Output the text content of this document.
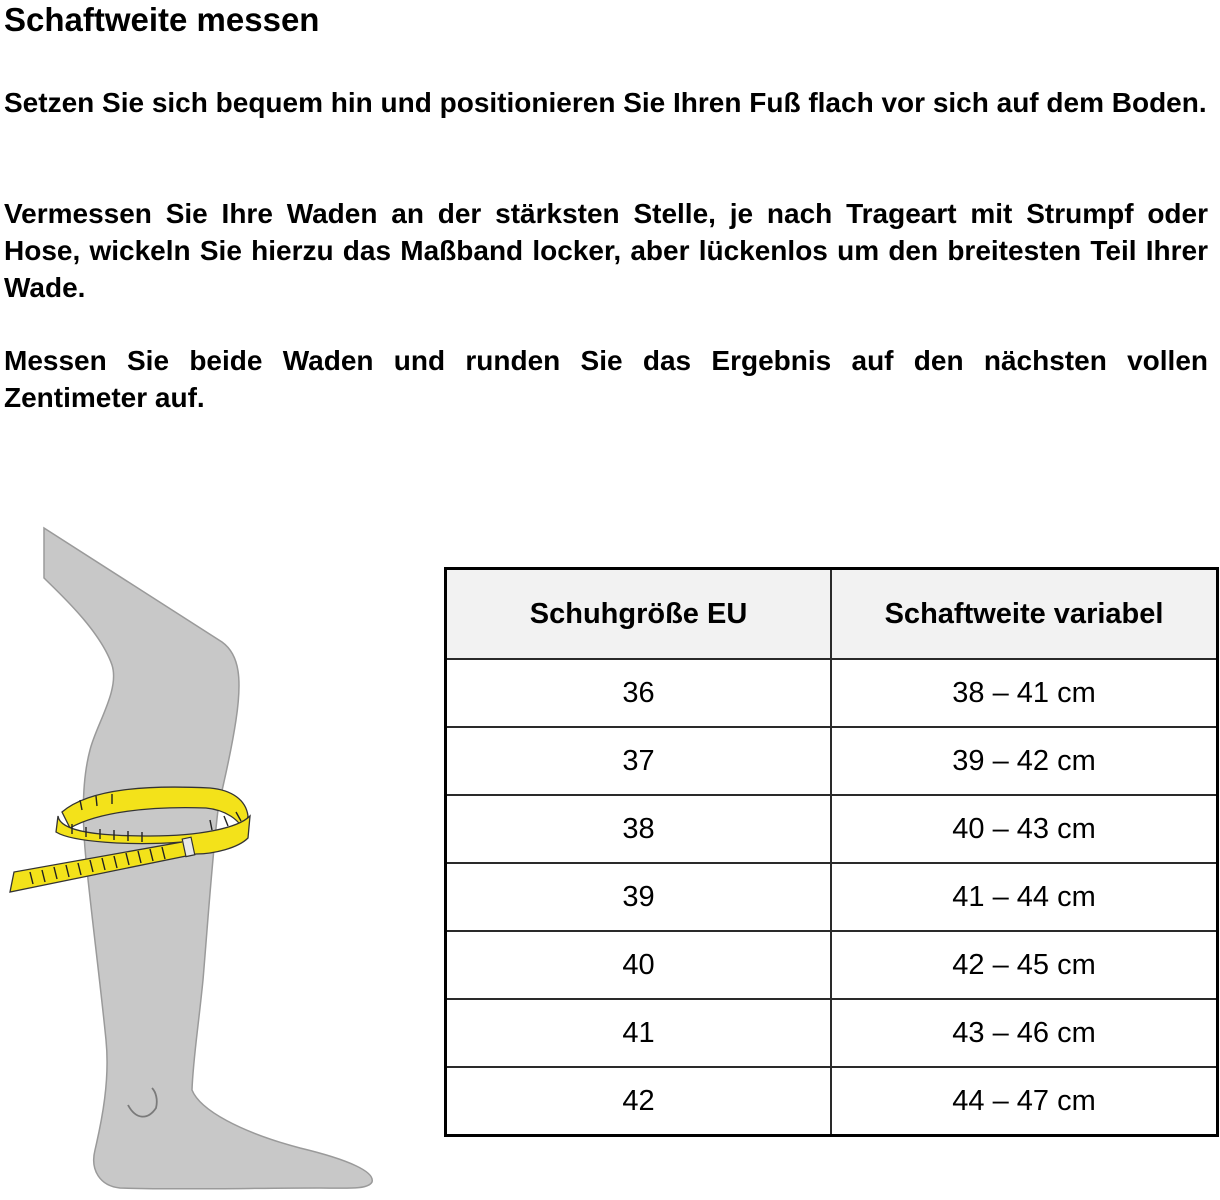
Schaftweite messen
Setzen Sie sich bequem hin und positionieren Sie Ihren Fuß flach vor sich auf dem Boden.
Vermessen Sie Ihre Waden an der stärksten Stelle, je nach Trageart mit Strumpf oder Hose, wickeln Sie hierzu das Maßband locker, aber lückenlos um den breitesten Teil Ihrer Wade.
Messen Sie beide Waden und runden Sie das Ergebnis auf den nächsten vollen Zentimeter auf.
Schuhgröße EU	Schaftweite variabel
36	38 – 41 cm
37	39 – 42 cm
38	40 – 43 cm
39	41 – 44 cm
40	42 – 45 cm
41	43 – 46 cm
42	44 – 47 cm
